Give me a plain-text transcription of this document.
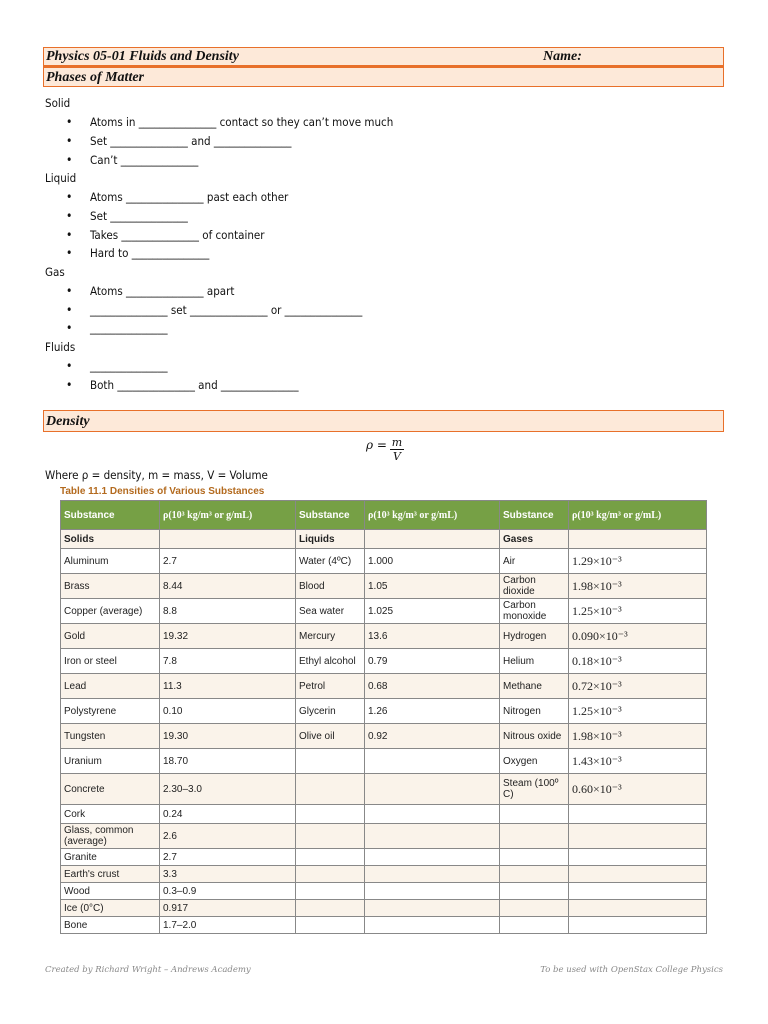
Physics 05-01 Fluids and Density	Name:
Phases of Matter
Solid
• Atoms in _______________ contact so they can’t move much
• Set _______________ and _______________
• Can’t _______________
Liquid
• Atoms _______________ past each other
• Set _______________
• Takes _______________ of container
• Hard to _______________
Gas
• Atoms _______________ apart
• _______________ set _______________ or _______________
• _______________
Fluids
• _______________
• Both _______________ and _______________
Density
$\rho = \frac{m}{V}$
Where ρ = density, m = mass, V = Volume
Table 11.1 Densities of Various Substances
Substance	ρ(10³ kg/m³ or g/mL)	Substance	ρ(10³ kg/m³ or g/mL)	Substance	ρ(10³ kg/m³ or g/mL)
Solids		Liquids		Gases	
Aluminum	2.7	Water (4ºC)	1.000	Air	1.29×10⁻³
Brass	8.44	Blood	1.05	Carbon dioxide	1.98×10⁻³
Copper (average)	8.8	Sea water	1.025	Carbon monoxide	1.25×10⁻³
Gold	19.32	Mercury	13.6	Hydrogen	0.090×10⁻³
Iron or steel	7.8	Ethyl alcohol	0.79	Helium	0.18×10⁻³
Lead	11.3	Petrol	0.68	Methane	0.72×10⁻³
Polystyrene	0.10	Glycerin	1.26	Nitrogen	1.25×10⁻³
Tungsten	19.30	Olive oil	0.92	Nitrous oxide	1.98×10⁻³
Uranium	18.70			Oxygen	1.43×10⁻³
Concrete	2.30–3.0			Steam (100º C)	0.60×10⁻³
Cork	0.24				
Glass, common (average)	2.6				
Granite	2.7				
Earth's crust	3.3				
Wood	0.3–0.9				
Ice (0°C)	0.917				
Bone	1.7–2.0				
Created by Richard Wright – Andrews Academy	To be used with OpenStax College Physics
